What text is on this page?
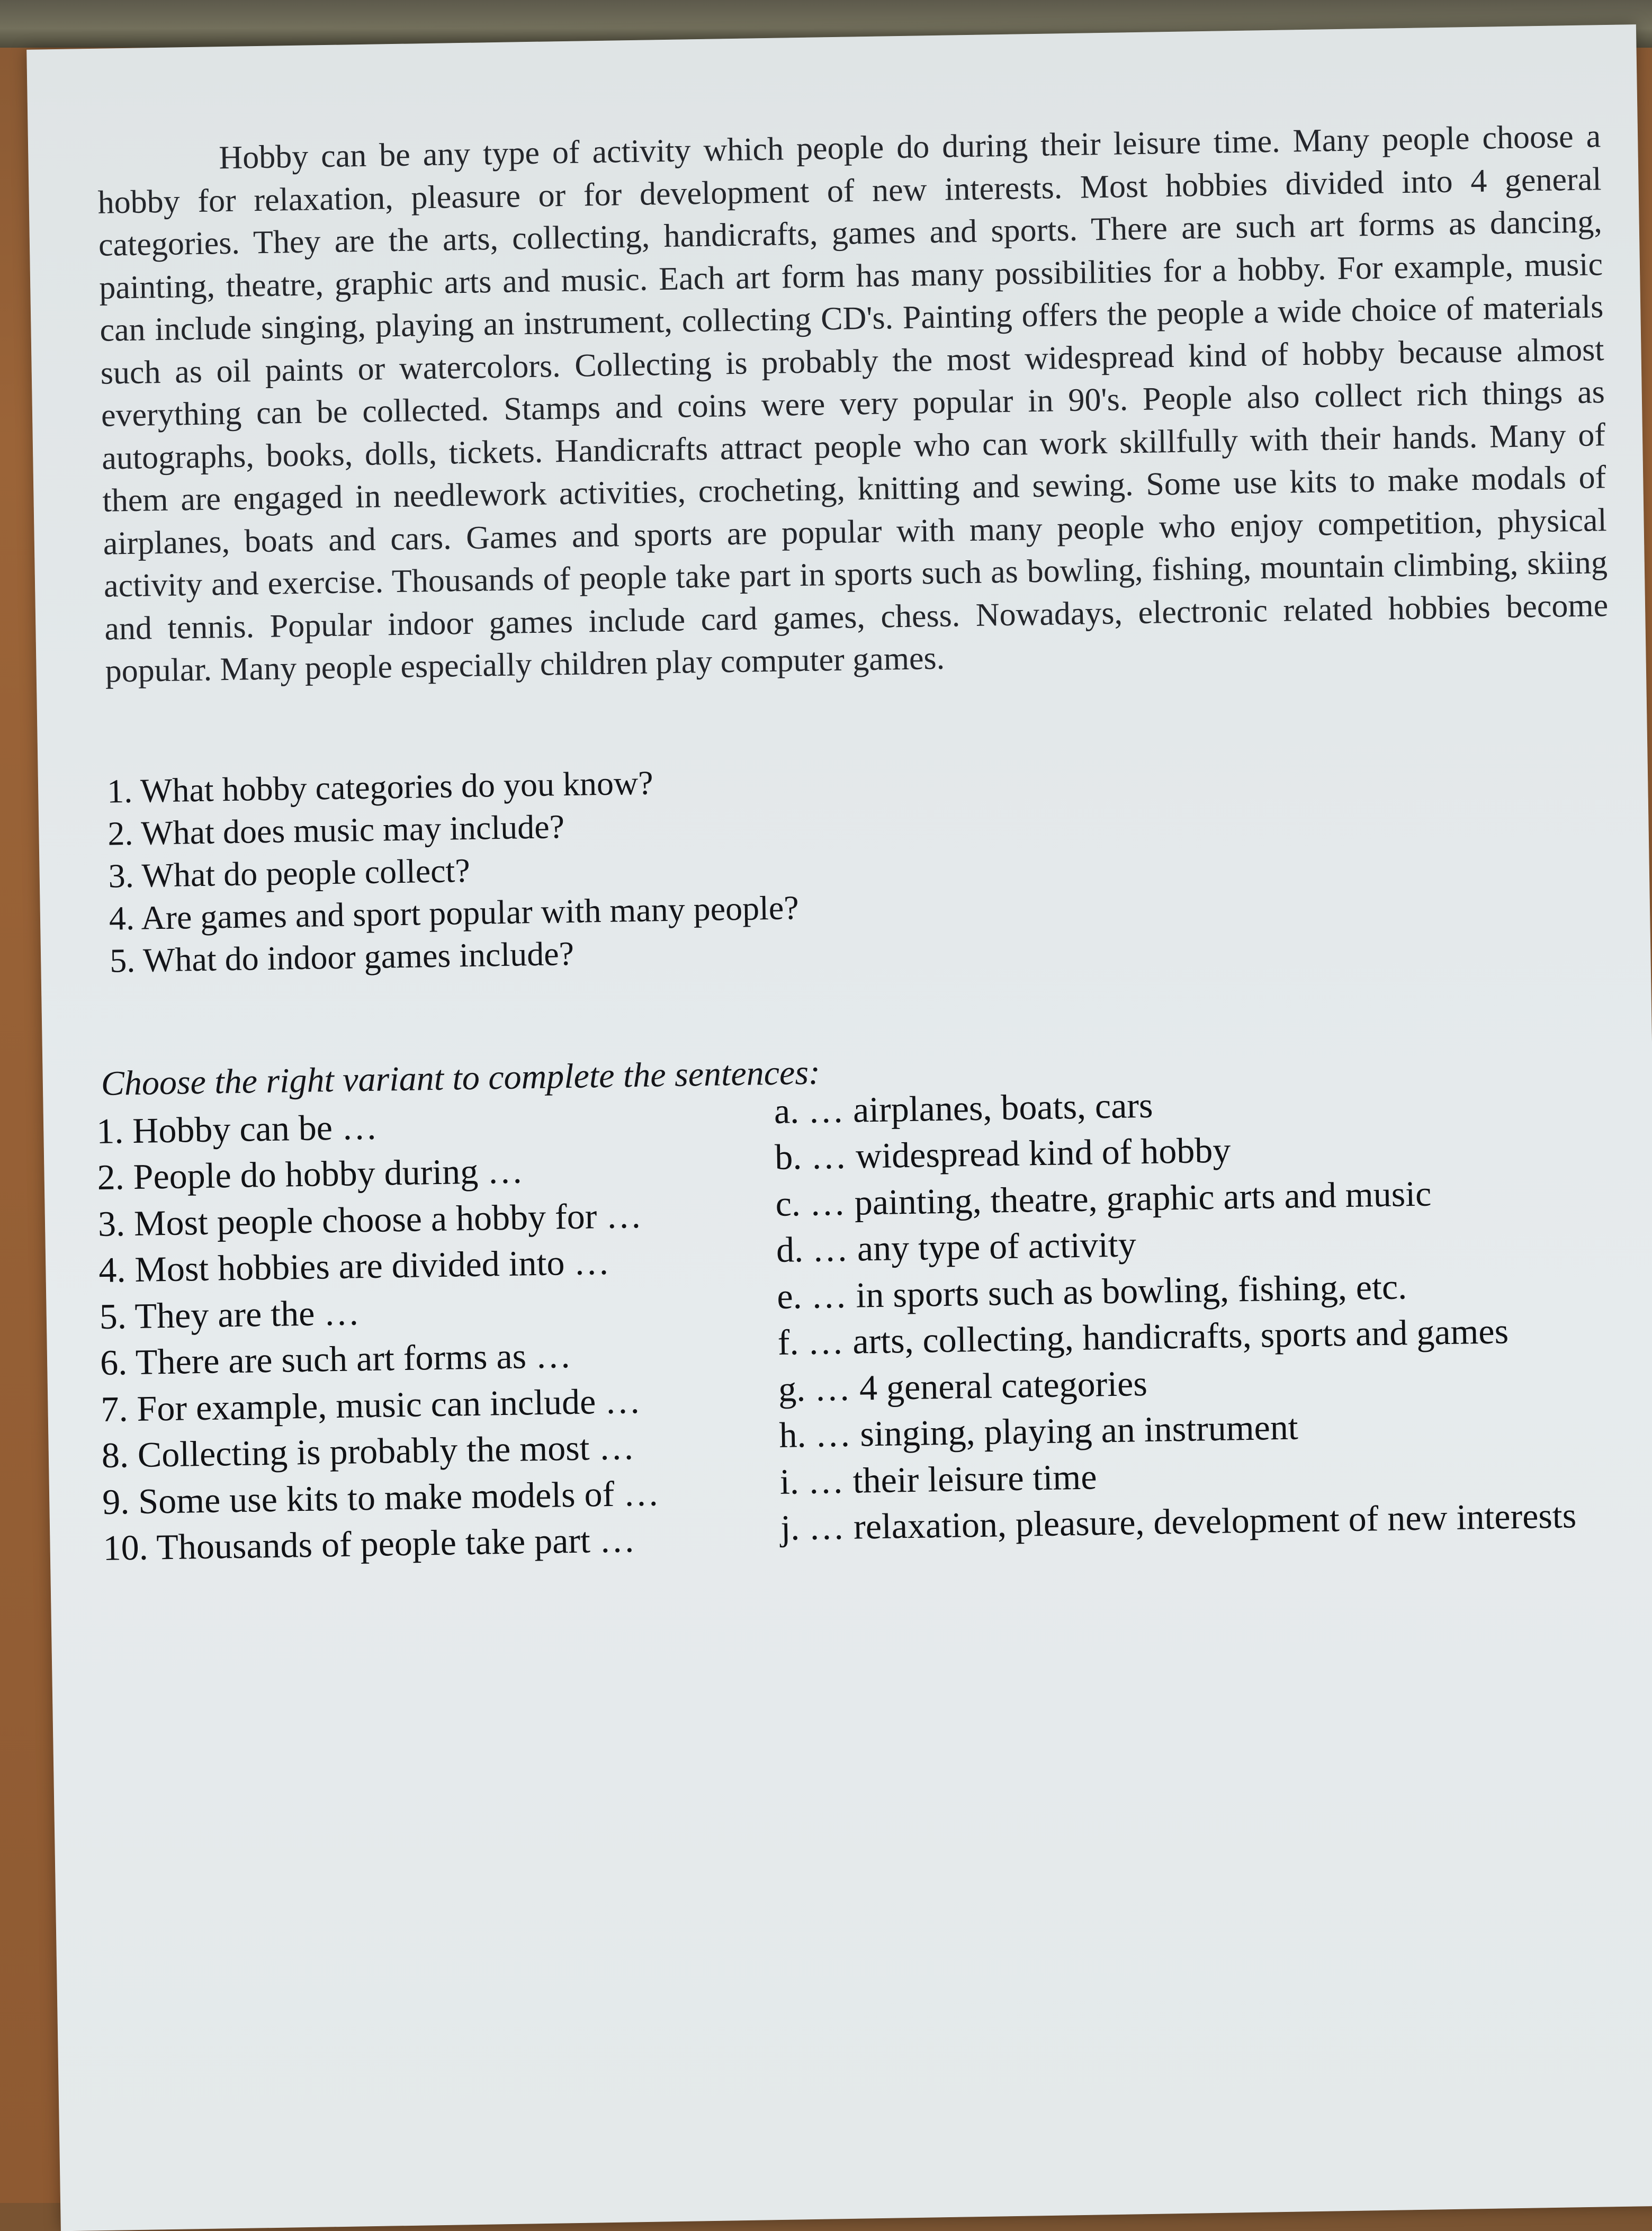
Hobby can be any type of activity which people do during their leisure time. Many people choose a hobby for relaxation, pleasure or for development of new interests. Most hobbies divided into 4 general categories. They are the arts, collecting, handicrafts, games and sports. There are such art forms as dancing, painting, theatre, graphic arts and music. Each art form has many possibilities for a hobby. For example, music can include singing, playing an instrument, collecting CD's. Painting offers the people a wide choice of materials such as oil paints or watercolors. Collecting is probably the most widespread kind of hobby because almost everything can be collected. Stamps and coins were very popular in 90's. People also collect rich things as autographs, books, dolls, tickets. Handicrafts attract people who can work skillfully with their hands. Many of them are engaged in needlework activities, crocheting, knitting and sewing. Some use kits to make modals of airplanes, boats and cars. Games and sports are popular with many people who enjoy competition, physical activity and exercise. Thousands of people take part in sports such as bowling, fishing, mountain climbing, skiing and tennis. Popular indoor games include card games, chess. Nowadays, electronic related hobbies become popular. Many people especially children play computer games.

1. What hobby categories do you know?
2. What does music may include?
3. What do people collect?
4. Are games and sport popular with many people?
5. What do indoor games include?
Choose the right variant to complete the sentences:
1. Hobby can be …
2. People do hobby during …
3. Most people choose a hobby for …
4. Most hobbies are divided into …
5. They are the …
6. There are such art forms as …
7. For example, music can include …
8. Collecting is probably the most …
9. Some use kits to make models of …
10. Thousands of people take part …
a. … airplanes, boats, cars
b. … widespread kind of hobby
c. … painting, theatre, graphic arts and music
d. … any type of activity
e. … in sports such as bowling, fishing, etc.
f. … arts, collecting, handicrafts, sports and games
g. … 4 general categories
h. … singing, playing an instrument
i. … their leisure time
j. … relaxation, pleasure, development of new interests
